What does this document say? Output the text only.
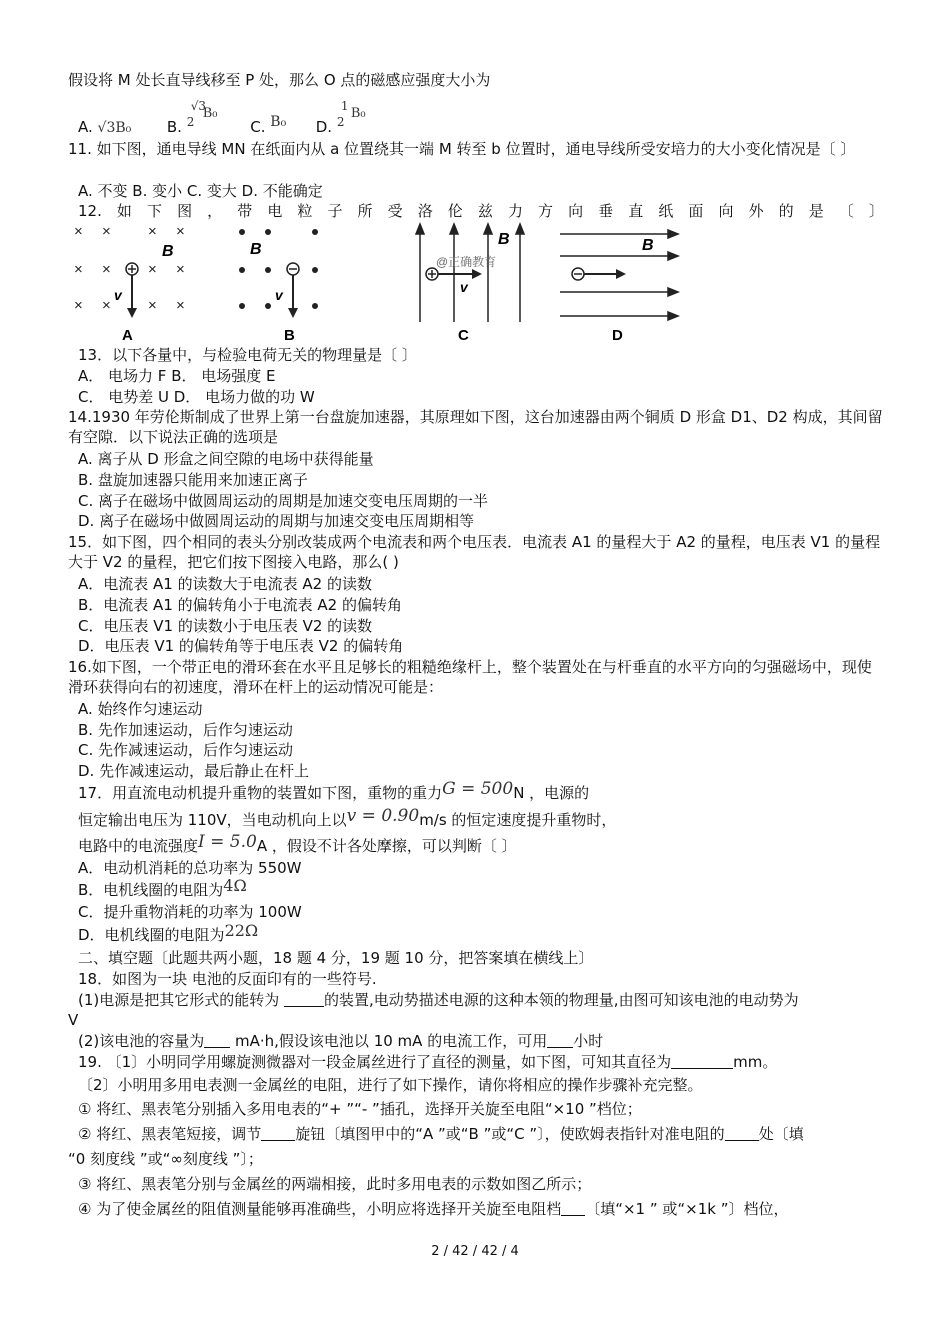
假设将 M 处长直导线移至 P 处，那么 O 点的磁感应强度大小为
A. √3B₀ B.
√3
2
B₀
C. B₀ D.
1
2
B₀
11. 如下图，通电导线 MN 在纸面内从 a 位置绕其一端 M 转至 b 位置时，通电导线所受安培力的大小变化情况是〔 〕
A. 不变 B. 变小 C. 变大 D. 不能确定
12. 如 下 图 ， 带 电 粒 子 所 受 洛 伦 兹 力 方 向 垂 直 纸 面 向 外 的 是 〔 〕
× × × ×
× × × ×
× × × ×
B
v
A
B
v
B
B
@正确教育
v
C
B
D
13．以下各量中，与检验电荷无关的物理量是〔 〕
A． 电场力 F B． 电场强度 E
C． 电势差 U D． 电场力做的功 W
14.1930 年劳伦斯制成了世界上第一台盘旋加速器，其原理如下图，这台加速器由两个铜质 D 形盒 D1、D2 构成，其间留有空隙．以下说法正确的选项是
A. 离子从 D 形盒之间空隙的电场中获得能量
B. 盘旋加速器只能用来加速正离子
C. 离子在磁场中做圆周运动的周期是加速交变电压周期的一半
D. 离子在磁场中做圆周运动的周期与加速交变电压周期相等
15．如下图，四个相同的表头分别改装成两个电流表和两个电压表．电流表 A1 的量程大于 A2 的量程，电压表 V1 的量程大于 V2 的量程，把它们按下图接入电路，那么( )
A．电流表 A1 的读数大于电流表 A2 的读数
B．电流表 A1 的偏转角小于电流表 A2 的偏转角
C．电压表 V1 的读数小于电压表 V2 的读数
D．电压表 V1 的偏转角等于电压表 V2 的偏转角
16.如下图，一个带正电的滑环套在水平且足够长的粗糙绝缘杆上，整个装置处在与杆垂直的水平方向的匀强磁场中，现使滑环获得向右的初速度，滑环在杆上的运动情况可能是：
A. 始终作匀速运动
B. 先作加速运动，后作匀速运动
C. 先作减速运动，后作匀速运动
D. 先作减速运动，最后静止在杆上
17．用直流电动机提升重物的装置如下图，重物的重力G = 500N ，电源的
恒定输出电压为 110V，当电动机向上以v = 0.90m/s 的恒定速度提升重物时，
电路中的电流强度I = 5.0A ，假设不计各处摩擦，可以判断〔 〕
A．电动机消耗的总功率为 550W
B．电机线圈的电阻为4Ω
C．提升重物消耗的功率为 100W
D．电机线圈的电阻为22Ω
二、填空题〔此题共两小题，18 题 4 分，19 题 10 分，把答案填在横线上〕
18．如图为一块 电池的反面印有的一些符号.
(1)电源是把其它形式的能转为	的装置,电动势描述电源的这种本领的物理量,由图可知该电池的电动势为
V
(2)该电池的容量为 mA·h,假设该电池以 10 mA 的电流工作，可用 小时
19. 〔1〕小明同学用螺旋测微器对一段金属丝进行了直径的测量，如下图，可知其直径为	mm。
〔2〕小明用多用电表测一金属丝的电阻，进行了如下操作，请你将相应的操作步骤补充完整。
① 将红、黑表笔分别插入多用电表的“+ ”“- ”插孔，选择开关旋至电阻“×10 ”档位；
② 将红、黑表笔短接，调节 旋钮〔填图甲中的“A ”或“B ”或“C ”〕，使欧姆表指针对准电阻的 处〔填
“0 刻度线 ”或“∞刻度线 ”〕；
③ 将红、黑表笔分别与金属丝的两端相接，此时多用电表的示数如图乙所示；
④ 为了使金属丝的阻值测量能够再准确些，小明应将选择开关旋至电阻档 〔填“×1 ” 或“×1k ”〕档位，
2 / 42 / 42 / 4
